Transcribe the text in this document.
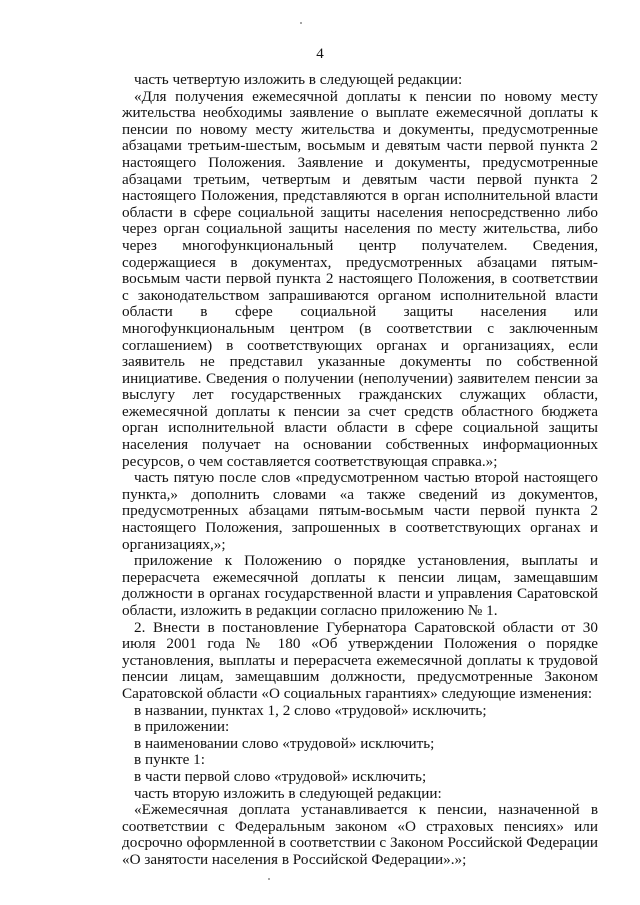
4

часть четвертую изложить в следующей редакции:

«Для получения ежемесячной доплаты к пенсии по новому месту жительства необходимы заявление о выплате ежемесячной доплаты к пенсии по новому месту жительства и документы, предусмотренные абзацами третьим-шестым, восьмым и девятым части первой пункта 2 настоящего Положения. Заявление и документы, предусмотренные абзацами третьим, четвертым и девятым части первой пункта 2 настоящего Положения, представляются в орган исполнительной власти области в сфере социальной защиты населения непосредственно либо через орган социальной защиты населения по месту жительства, либо через многофункциональный центр получателем. Сведения, содержащиеся в документах, предусмотренных абзацами пятым-восьмым части первой пункта 2 настоящего Положения, в соответствии с законодательством запрашиваются органом исполнительной власти области в сфере социальной защиты населения или многофункциональным центром (в соответствии с заключенным соглашением) в соответствующих органах и организациях, если заявитель не представил указанные документы по собственной инициативе. Сведения о получении (неполучении) заявителем пенсии за выслугу лет государственных гражданских служащих области, ежемесячной доплаты к пенсии за счет средств областного бюджета орган исполнительной власти области в сфере социальной защиты населения получает на основании собственных информационных ресурсов, о чем составляется соответствующая справка.»;

часть пятую после слов «предусмотренном частью второй настоящего пункта,» дополнить словами «а также сведений из документов, предусмотренных абзацами пятым-восьмым части первой пункта 2 настоящего Положения, запрошенных в соответствующих органах и организациях,»;

приложение к Положению о порядке установления, выплаты и перерасчета ежемесячной доплаты к пенсии лицам, замещавшим должности в органах государственной власти и управления Саратовской области, изложить в редакции согласно приложению № 1.

2. Внести в постановление Губернатора Саратовской области от 30 июля 2001 года № 180 «Об утверждении Положения о порядке установления, выплаты и перерасчета ежемесячной доплаты к трудовой пенсии лицам, замещавшим должности, предусмотренные Законом Саратовской области «О социальных гарантиях» следующие изменения:

в названии, пунктах 1, 2 слово «трудовой» исключить;

в приложении:

в наименовании слово «трудовой» исключить;

в пункте 1:

в части первой слово «трудовой» исключить;

часть вторую изложить в следующей редакции:

«Ежемесячная доплата устанавливается к пенсии, назначенной в соответствии с Федеральным законом «О страховых пенсиях» или досрочно оформленной в соответствии с Законом Российской Федерации «О занятости населения в Российской Федерации».»;
